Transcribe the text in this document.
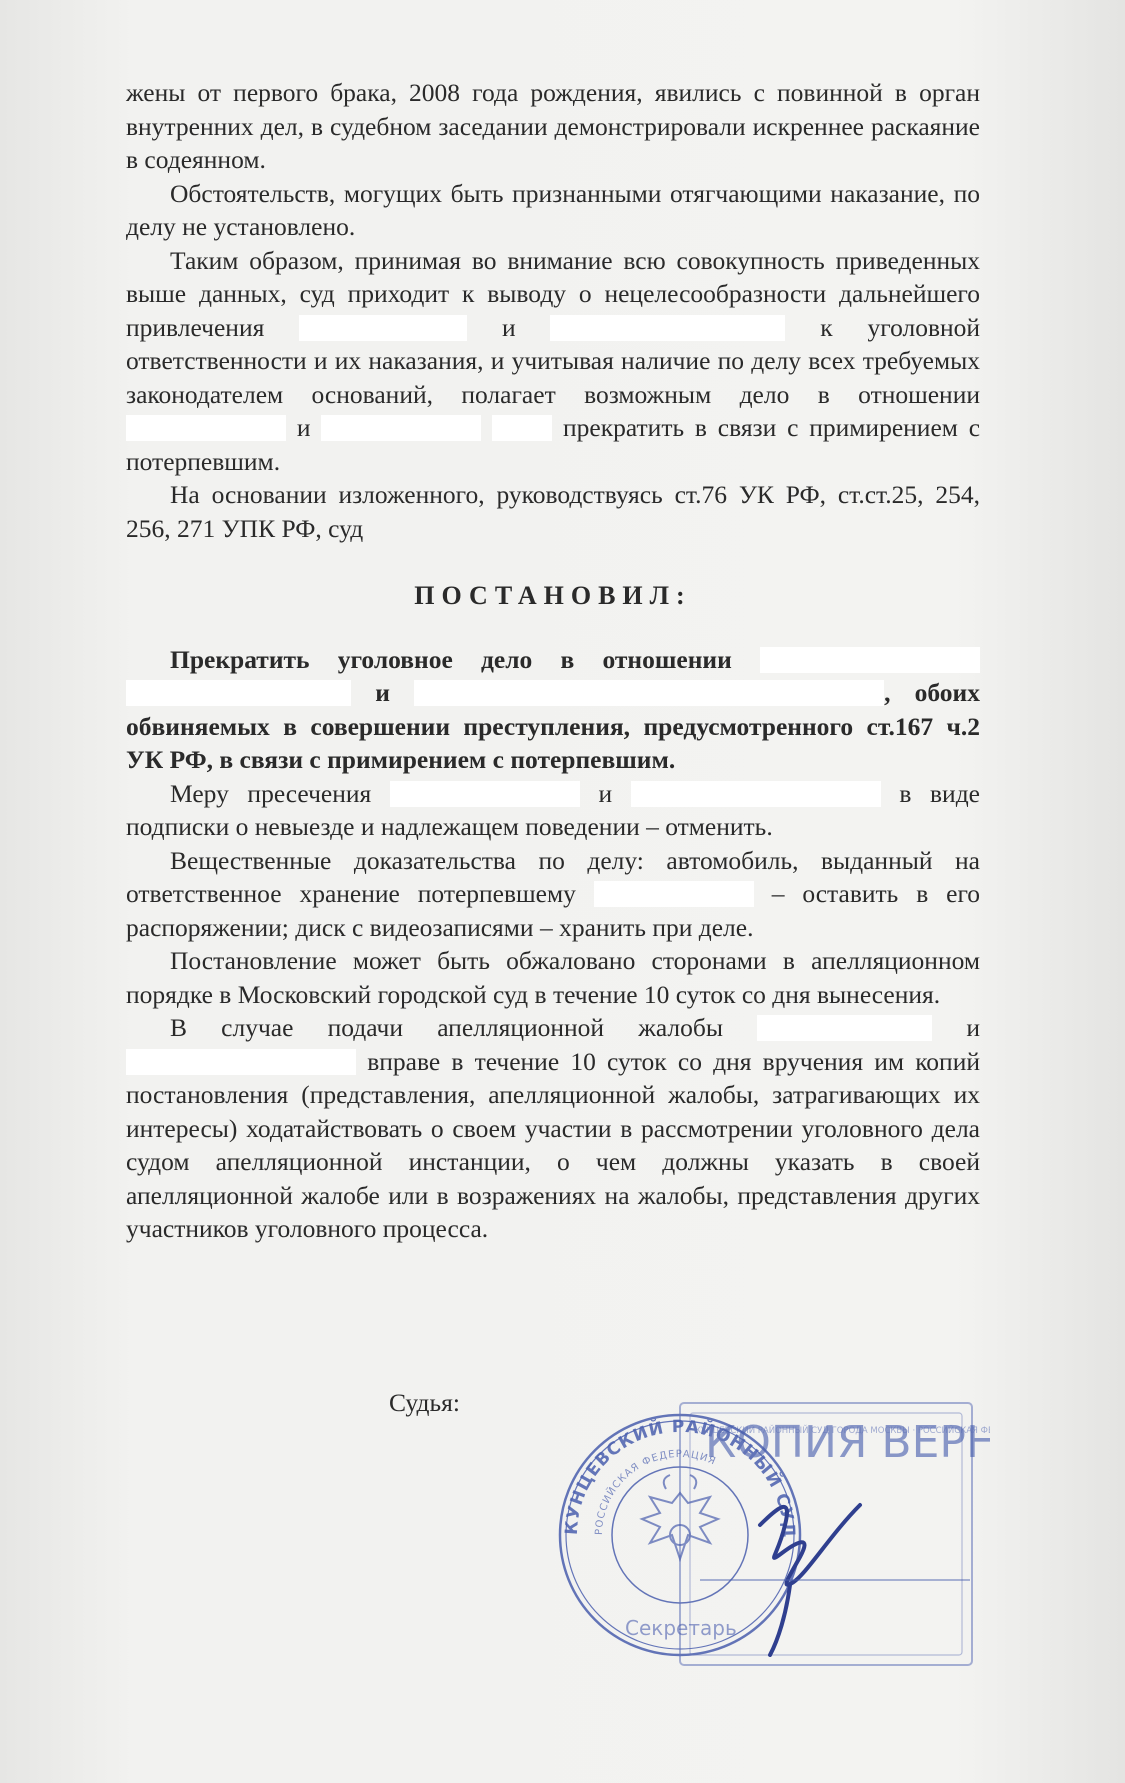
жены от первого брака, 2008 года рождения, явились с повинной в орган внутренних дел, в судебном заседании демонстрировали искреннее раскаяние в содеянном.

Обстоятельств, могущих быть признанными отягчающими наказание, по делу не установлено.

Таким образом, принимая во внимание всю совокупность приведенных выше данных, суд приходит к выводу о нецелесообразности дальнейшего привлечения	и	к уголовной ответственности и их наказания, и учитывая наличие по делу всех требуемых законодателем оснований, полагает возможным дело в отношении  и	прекратить в связи с примирением с потерпевшим.

На основании изложенного, руководствуясь ст.76 УК РФ, ст.ст.25, 254, 256, 271 УПК РФ, суд

ПОСТАНОВИЛ:

Прекратить уголовное дело в отношении   и	, обоих обвиняемых в совершении преступления, предусмотренного ст.167 ч.2 УК РФ, в связи с примирением с потерпевшим.

Меру пресечения	и	в виде подписки о невыезде и надлежащем поведении – отменить.

Вещественные доказательства по делу: автомобиль, выданный на ответственное хранение потерпевшему	– оставить в его распоряжении; диск с видеозаписями – хранить при деле.

Постановление может быть обжаловано сторонами в апелляционном порядке в Московский городской суд в течение 10 суток со дня вынесения.

В случае подачи апелляционной жалобы	и  вправе в течение 10 суток со дня вручения им копий постановления (представления, апелляционной жалобы, затрагивающих их интересы) ходатайствовать о своем участии в рассмотрении уголовного дела судом апелляционной инстанции, о чем должны указать в своей апелляционной жалобе или в возражениях на жалобы, представления других участников уголовного процесса.

Судья:
КУНЦЕВСКИЙ РАЙОННЫЙ СУД
РОССИЙСКАЯ ФЕДЕРАЦИЯ
КОПИЯ ВЕРН
КУНЦЕВСКИЙ РАЙОННЫЙ СУД ГОРОДА МОСКВЫ · РОССИЙСКАЯ Ф
Секретарь
